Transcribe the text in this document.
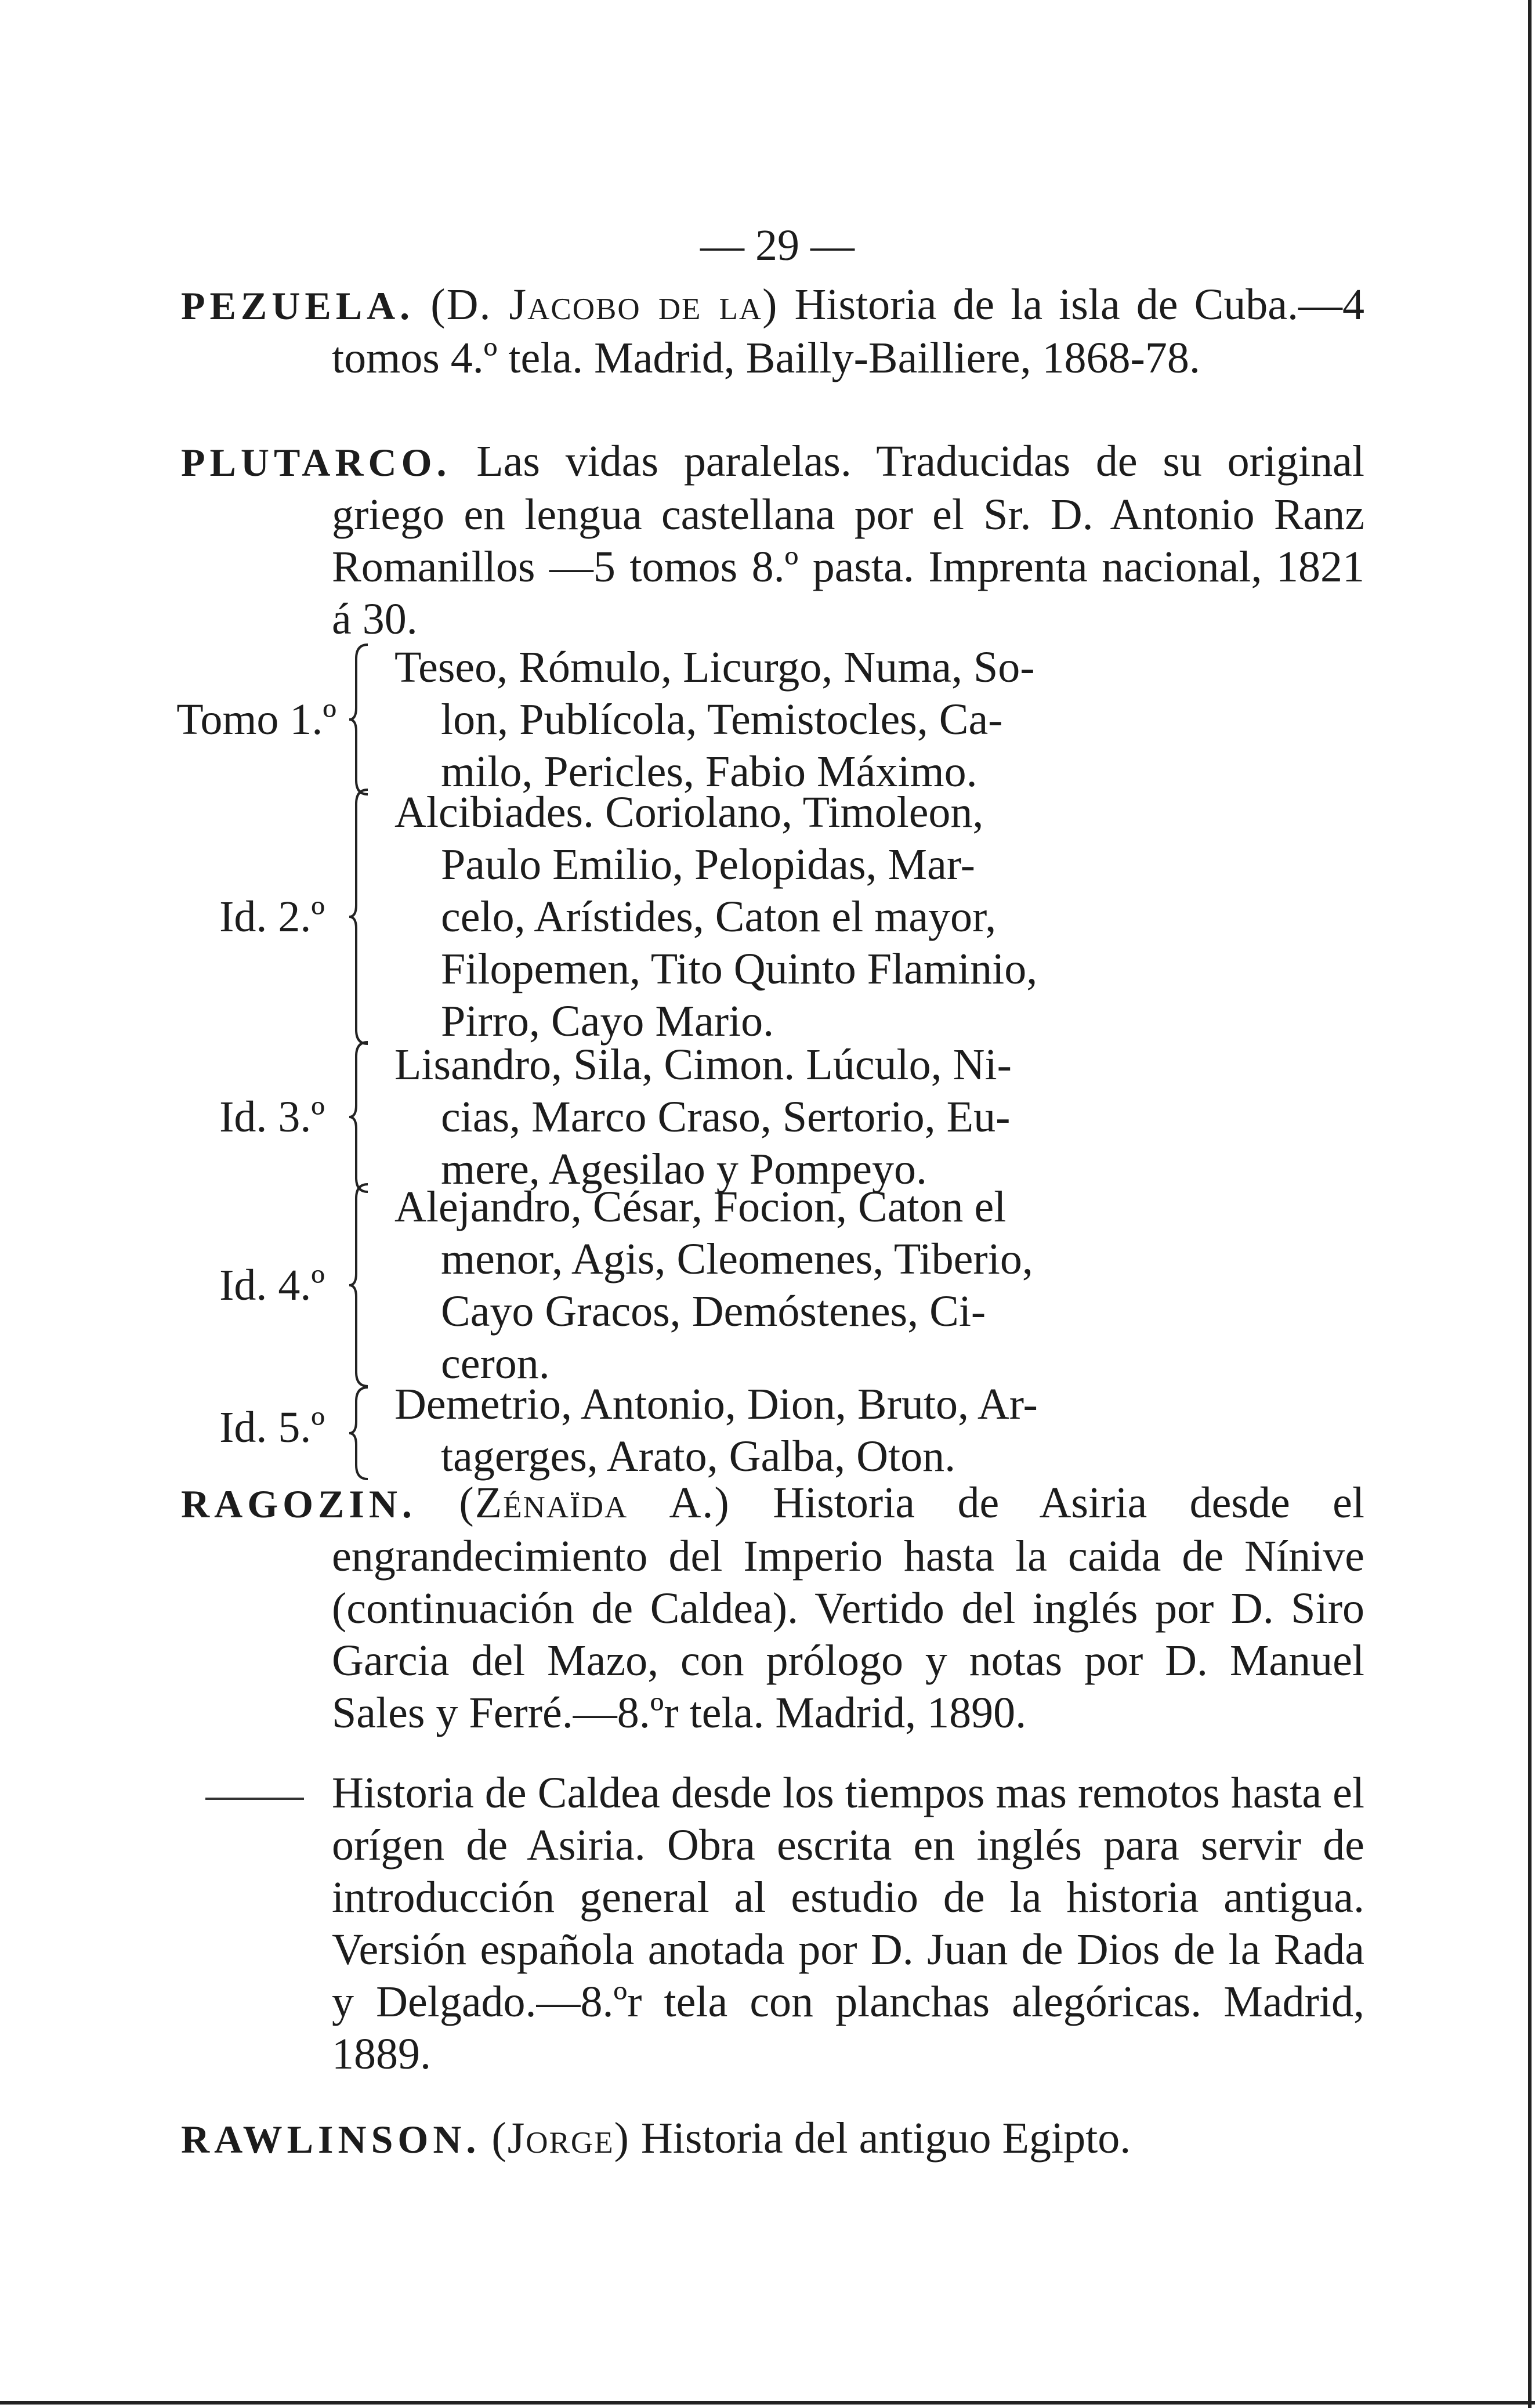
— 29 —

PEZUELA. (D. Jacobo de la) Historia de la isla de Cuba.—4 tomos 4.º tela. Madrid, Bailly-Bailliere, 1868-78.

PLUTARCO. Las vidas paralelas. Traducidas de su original griego en lengua castellana por el Sr. D. Antonio Ranz Romanillos —5 tomos 8.º pasta. Imprenta nacional, 1821 á 30.

Tomo 1.º
Teseo, Rómulo, Licurgo, Numa, So-
lon, Publícola, Temistocles, Ca-
milo, Pericles, Fabio Máximo.
Id. 2.º
Alcibiades. Coriolano, Timoleon,
Paulo Emilio, Pelopidas, Mar-
celo, Arístides, Caton el mayor,
Filopemen, Tito Quinto Flaminio,
Pirro, Cayo Mario.
Id. 3.º
Lisandro, Sila, Cimon. Lúculo, Ni-
cias, Marco Craso, Sertorio, Eu-
mere, Agesilao y Pompeyo.
Id. 4.º
Alejandro, César, Focion, Caton el
menor, Agis, Cleomenes, Tiberio,
Cayo Gracos, Demóstenes, Ci-
ceron.
Id. 5.º Demetrio, Antonio, Dion, Bruto, Ar-
tagerges, Arato, Galba, Oton.

RAGOZIN. (Zénaïda A.) Historia de Asiria desde el engrandecimiento del Imperio hasta la caida de Nínive (continuación de Caldea). Vertido del inglés por D. Siro Garcia del Mazo, con prólogo y notas por D. Manuel Sales y Ferré.—8.ºr tela. Madrid, 1890.

Historia de Caldea desde los tiempos mas remotos hasta el orígen de Asiria. Obra escrita en inglés para servir de introducción general al estudio de la historia antigua. Versión española anotada por D. Juan de Dios de la Rada y Delgado.—8.ºr tela con planchas alegóricas. Madrid, 1889.

RAWLINSON. (Jorge) Historia del antiguo Egipto.
